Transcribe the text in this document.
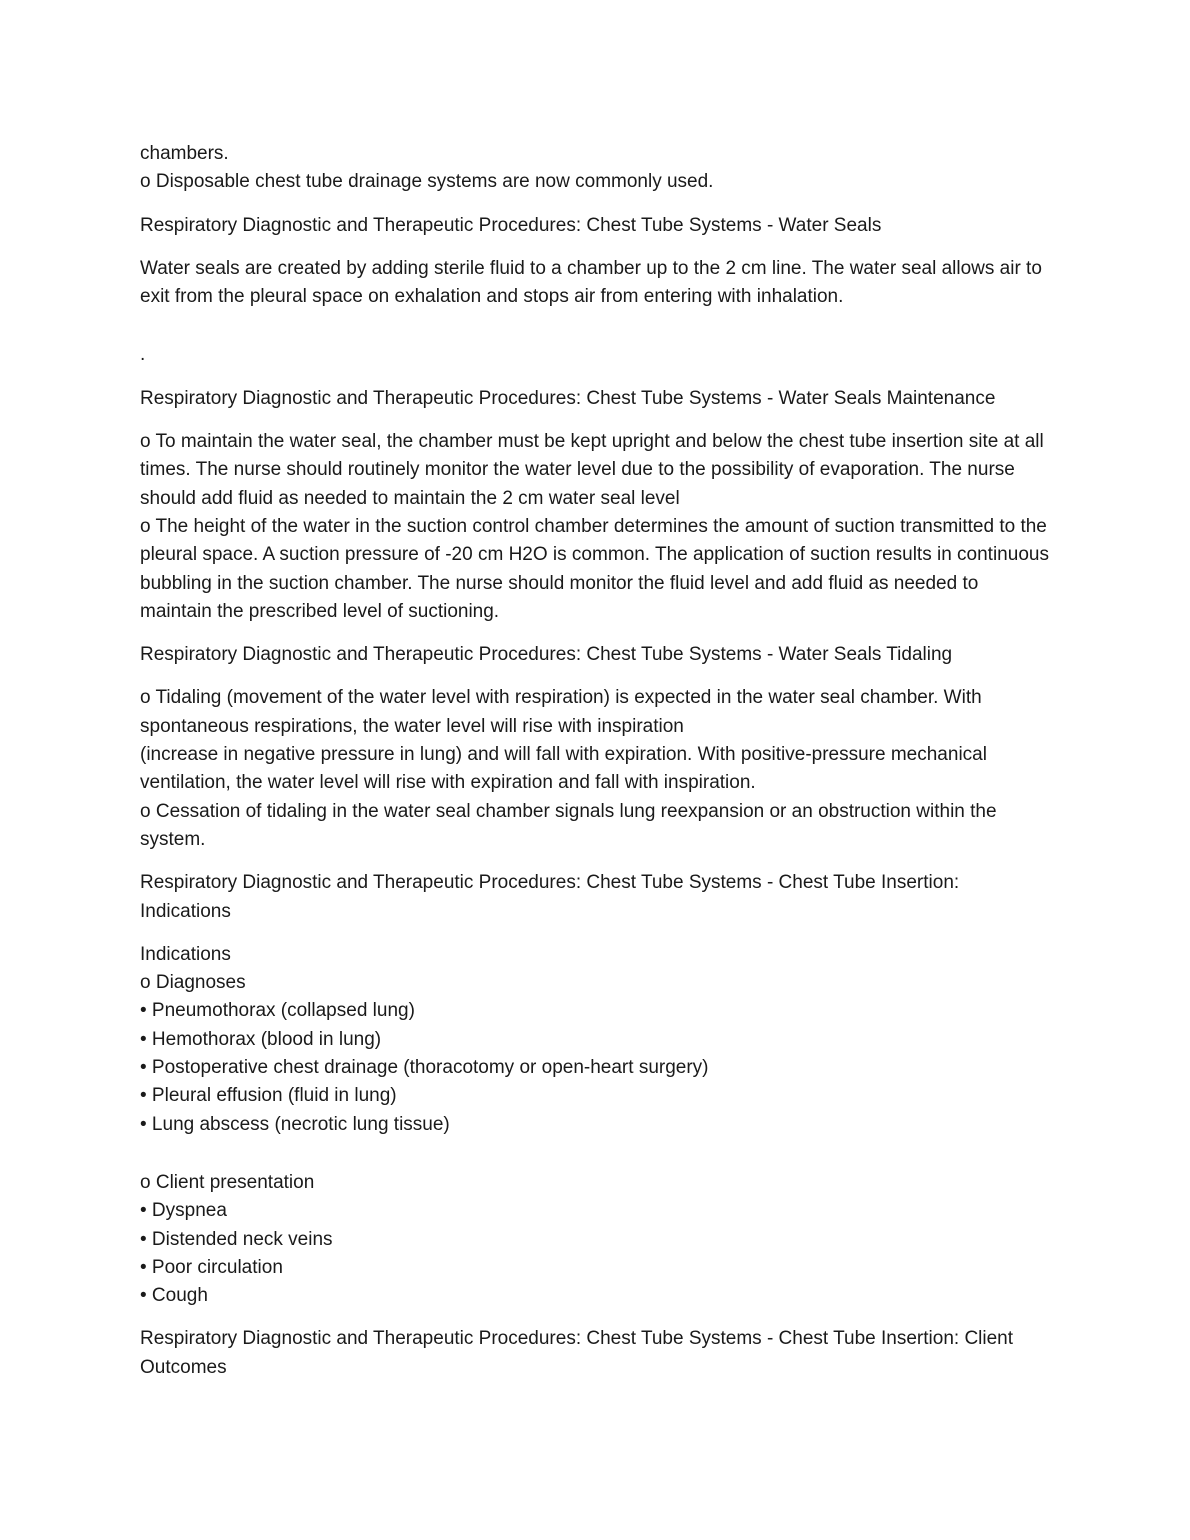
chambers.

o Disposable chest tube drainage systems are now commonly used.

Respiratory Diagnostic and Therapeutic Procedures: Chest Tube Systems - Water Seals

Water seals are created by adding sterile fluid to a chamber up to the 2 cm line. The water seal allows air to exit from the pleural space on exhalation and stops air from entering with inhalation.

.

Respiratory Diagnostic and Therapeutic Procedures: Chest Tube Systems - Water Seals Maintenance

o To maintain the water seal, the chamber must be kept upright and below the chest tube insertion site at all times. The nurse should routinely monitor the water level due to the possibility of evaporation. The nurse should add fluid as needed to maintain the 2 cm water seal level

o The height of the water in the suction control chamber determines the amount of suction transmitted to the pleural space. A suction pressure of -20 cm H2O is common. The application of suction results in continuous bubbling in the suction chamber. The nurse should monitor the fluid level and add fluid as needed to maintain the prescribed level of suctioning.

Respiratory Diagnostic and Therapeutic Procedures: Chest Tube Systems - Water Seals Tidaling

o Tidaling (movement of the water level with respiration) is expected in the water seal chamber. With spontaneous respirations, the water level will rise with inspiration

(increase in negative pressure in lung) and will fall with expiration. With positive-pressure mechanical ventilation, the water level will rise with expiration and fall with inspiration.

o Cessation of tidaling in the water seal chamber signals lung reexpansion or an obstruction within the system.

Respiratory Diagnostic and Therapeutic Procedures: Chest Tube Systems - Chest Tube Insertion: Indications

Indications

o Diagnoses

• Pneumothorax (collapsed lung)

• Hemothorax (blood in lung)

• Postoperative chest drainage (thoracotomy or open-heart surgery)

• Pleural effusion (fluid in lung)

• Lung abscess (necrotic lung tissue)

o Client presentation

• Dyspnea

• Distended neck veins

• Poor circulation

• Cough

Respiratory Diagnostic and Therapeutic Procedures: Chest Tube Systems - Chest Tube Insertion: Client Outcomes
